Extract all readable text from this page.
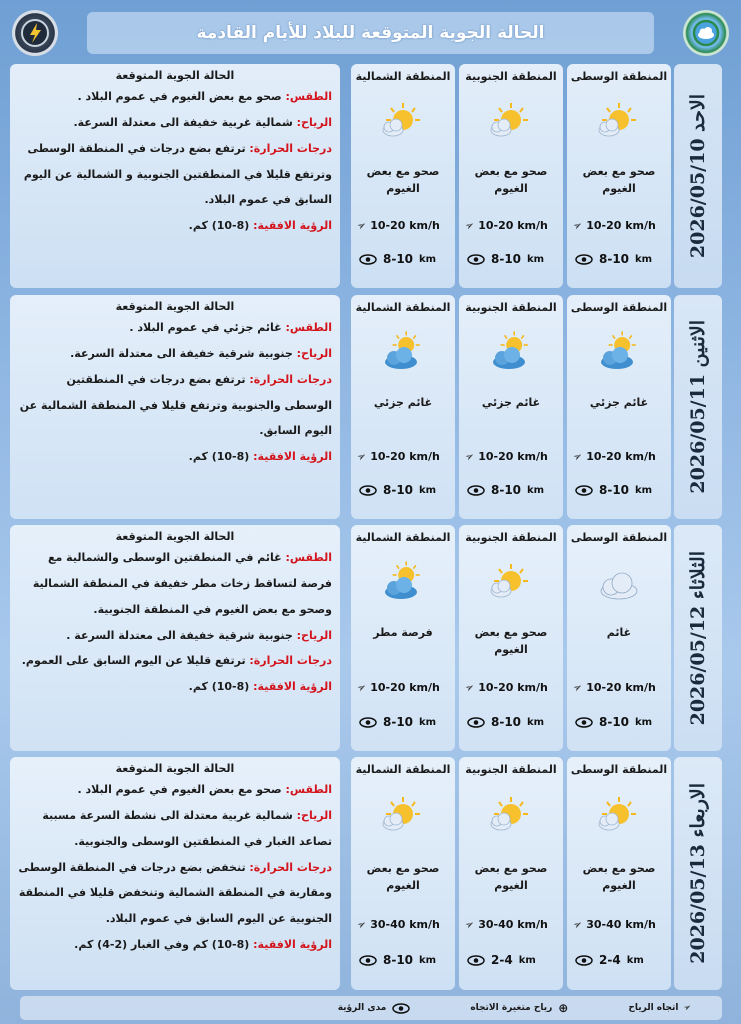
الحالة الجوية المتوقعة للبلاد للأيام القادمة
الاحد 2026/05/10
المنطقة الوسطى
صحو مع بعض الغيوم
➢ 10-20 km/h
8-10 km
المنطقة الجنوبية
صحو مع بعض الغيوم
➢ 10-20 km/h
8-10 km
المنطقة الشمالية
صحو مع بعض الغيوم
➢ 10-20 km/h
8-10 km
الحالة الجوية المتوقعة

الطقس: صحو مع بعض الغيوم في عموم البلاد .

الرياح: شمالية غربية خفيفة الى معتدلة السرعة.

درجات الحرارة: ترتفع بضع درجات في المنطقة الوسطى وترتفع قليلا في المنطقتين الجنوبية و الشمالية عن اليوم السابق في عموم البلاد.

الرؤية الافقية: (8-10) كم.

الاثنين 2026/05/11
المنطقة الوسطى
غائم جزئي
➢ 10-20 km/h
8-10 km
المنطقة الجنوبية
غائم جزئي
➢ 10-20 km/h
8-10 km
المنطقة الشمالية
غائم جزئي
➢ 10-20 km/h
8-10 km
الحالة الجوية المتوقعة

الطقس: غائم جزئي في عموم البلاد .

الرياح: جنوبية شرقية خفيفة الى معتدلة السرعة.

درجات الحرارة: ترتفع بضع درجات في المنطقتين الوسطى والجنوبية وترتفع قليلا في المنطقة الشمالية عن اليوم السابق.

الرؤية الافقية: (8-10) كم.

الثلاثاء 2026/05/12
المنطقة الوسطى
غائم
➢ 10-20 km/h
8-10 km
المنطقة الجنوبية
صحو مع بعض الغيوم
➢ 10-20 km/h
8-10 km
المنطقة الشمالية
فرصة مطر
➢ 10-20 km/h
8-10 km
الحالة الجوية المتوقعة

الطقس: غائم في المنطقتين الوسطى والشمالية مع فرصة لتساقط زخات مطر خفيفة في المنطقة الشمالية وصحو مع بعض الغيوم في المنطقة الجنوبية.

الرياح: جنوبية شرقية خفيفة الى معتدلة السرعة .

درجات الحرارة: ترتفع قليلا عن اليوم السابق على العموم.

الرؤية الافقية: (8-10) كم.

الاربعاء 2026/05/13
المنطقة الوسطى
صحو مع بعض الغيوم
➢ 30-40 km/h
2-4 km
المنطقة الجنوبية
صحو مع بعض الغيوم
➢ 30-40 km/h
2-4 km
المنطقة الشمالية
صحو مع بعض الغيوم
➢ 30-40 km/h
8-10 km
الحالة الجوية المتوقعة

الطقس: صحو مع بعض الغيوم في عموم البلاد .

الرياح: شمالية غربية معتدلة الى نشطة السرعة مسببة تصاعد الغبار في المنطقتين الوسطى والجنوبية.

درجات الحرارة: تنخفض بضع درجات في المنطقة الوسطى ومقاربة في المنطقة الشمالية وتنخفض قليلا في المنطقة الجنوبية عن اليوم السابق في عموم البلاد.

الرؤية الافقية: (8-10) كم وفي الغبار (2-4) كم.

➢
اتجاه الرياح
⊕
رياح متغيرة الاتجاه
مدى الرؤية
